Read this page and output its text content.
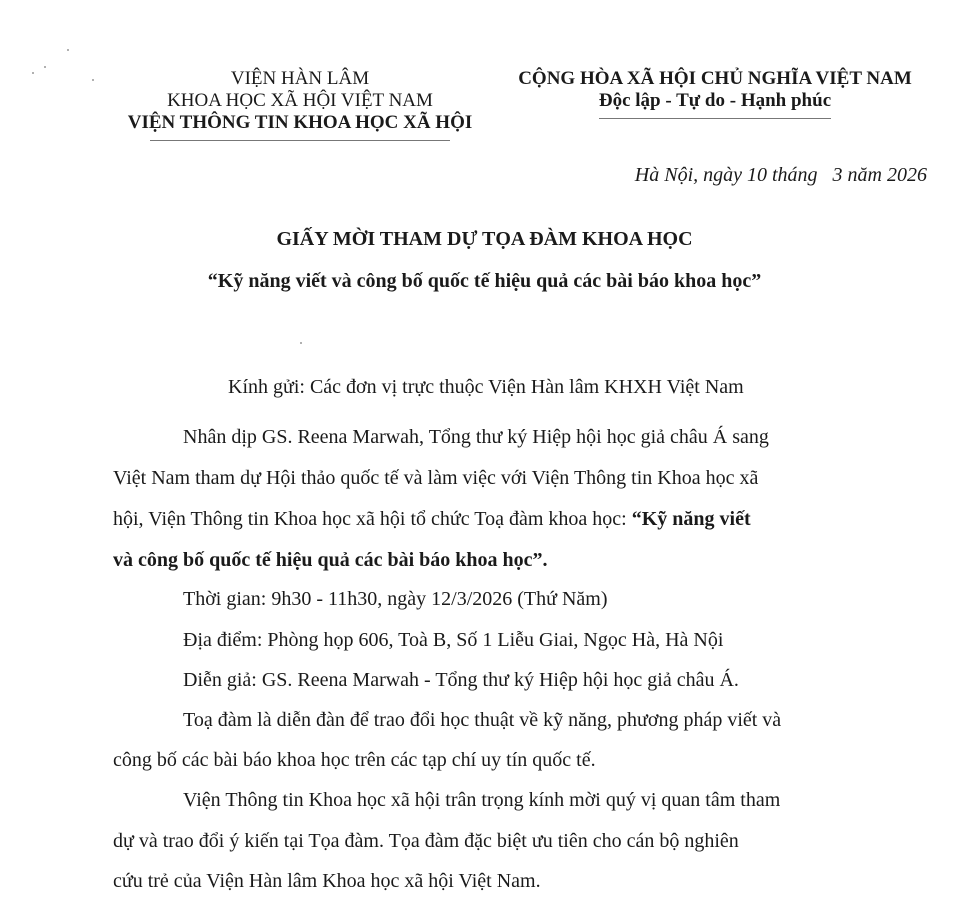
VIỆN HÀN LÂM
KHOA HỌC XÃ HỘI VIỆT NAM
VIỆN THÔNG TIN KHOA HỌC XÃ HỘI
CỘNG HÒA XÃ HỘI CHỦ NGHĨA VIỆT NAM
Độc lập - Tự do - Hạnh phúc
Hà Nội, ngày 10 tháng   3 năm 2026
GIẤY MỜI THAM DỰ TỌA ĐÀM KHOA HỌC
“Kỹ năng viết và công bố quốc tế hiệu quả các bài báo khoa học”
Kính gửi: Các đơn vị trực thuộc Viện Hàn lâm KHXH Việt Nam
Nhân dịp GS. Reena Marwah, Tổng thư ký Hiệp hội học giả châu Á sang
Việt Nam tham dự Hội thảo quốc tế và làm việc với Viện Thông tin Khoa học xã
hội, Viện Thông tin Khoa học xã hội tổ chức Toạ đàm khoa học: “Kỹ năng viết
và công bố quốc tế hiệu quả các bài báo khoa học”.
Thời gian: 9h30 - 11h30, ngày 12/3/2026 (Thứ Năm)
Địa điểm: Phòng họp 606, Toà B, Số 1 Liễu Giai, Ngọc Hà, Hà Nội
Diễn giả: GS. Reena Marwah - Tổng thư ký Hiệp hội học giả châu Á.
Toạ đàm là diễn đàn để trao đổi học thuật về kỹ năng, phương pháp viết và
công bố các bài báo khoa học trên các tạp chí uy tín quốc tế.
Viện Thông tin Khoa học xã hội trân trọng kính mời quý vị quan tâm tham
dự và trao đổi ý kiến tại Tọa đàm. Tọa đàm đặc biệt ưu tiên cho cán bộ nghiên
cứu trẻ của Viện Hàn lâm Khoa học xã hội Việt Nam.
